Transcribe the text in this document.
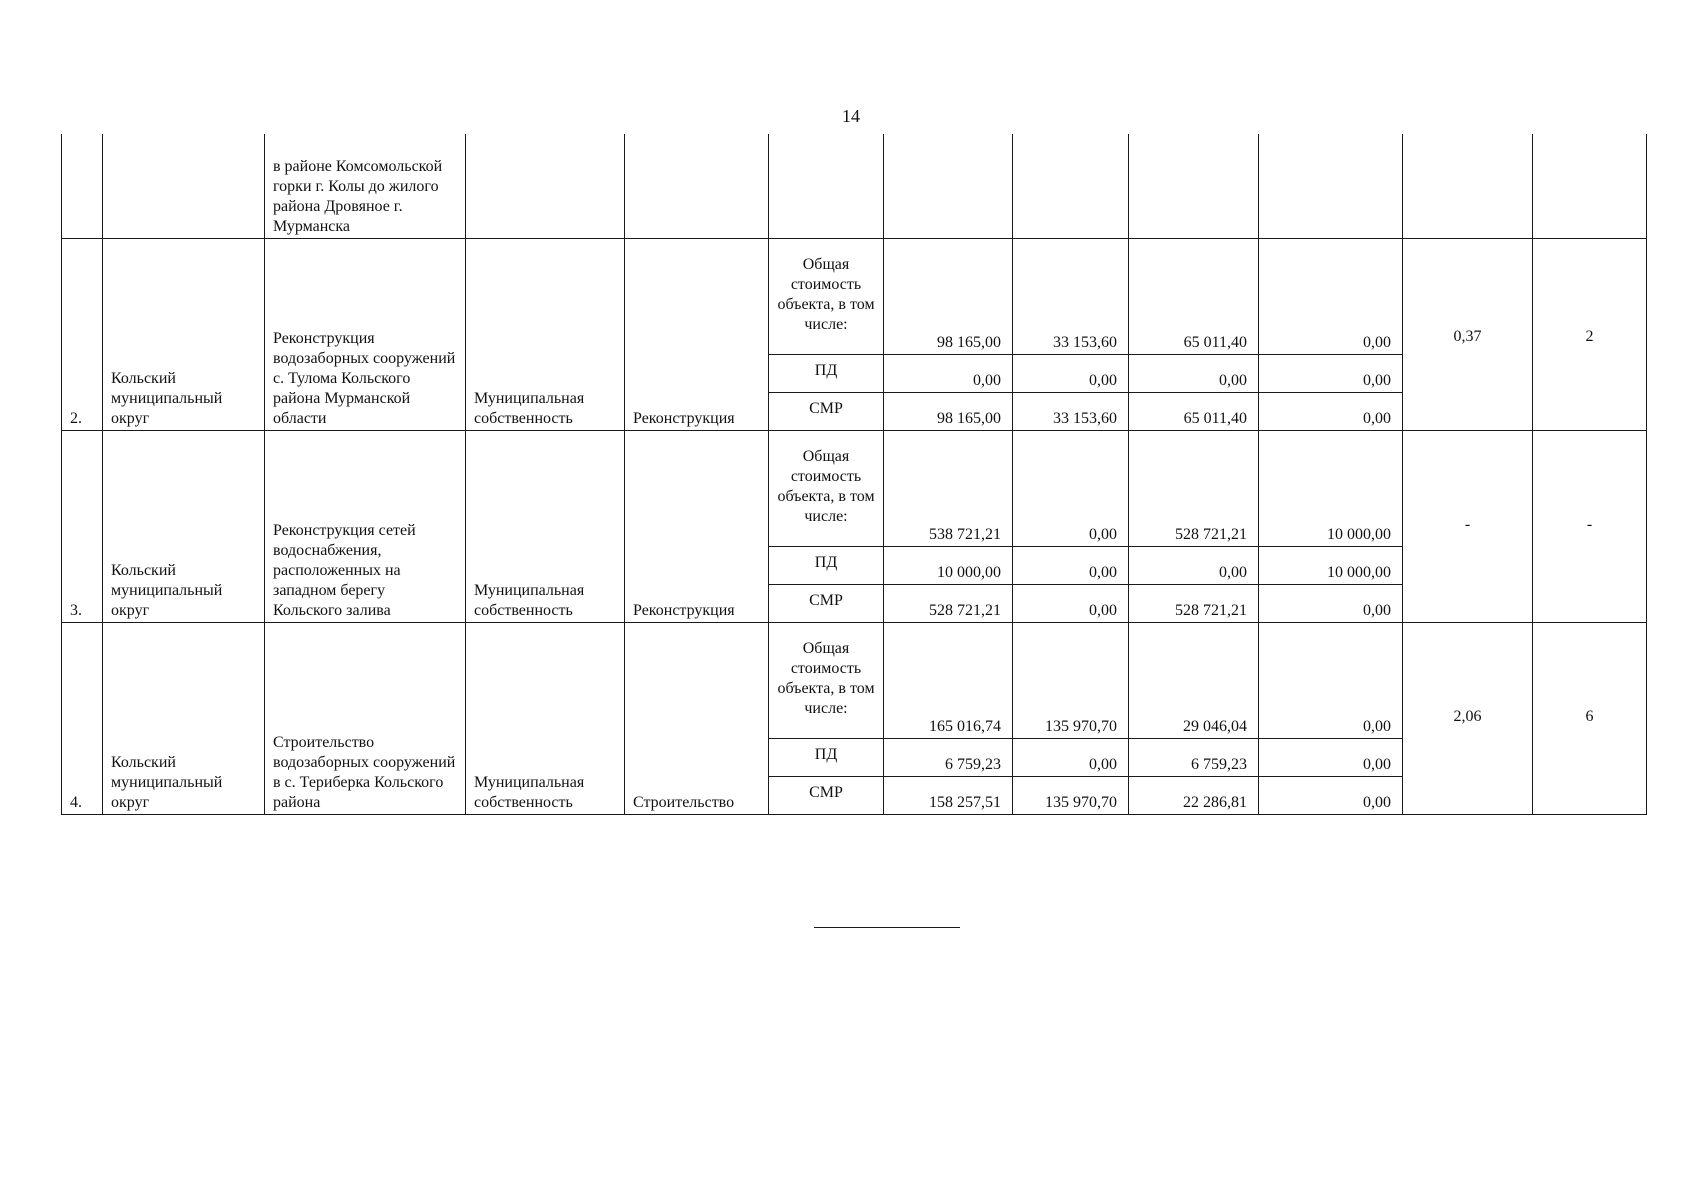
14
		в районе Комсомольской горки г. Колы до жилого района Дровяное г. Мурманска									
2.	Кольский муниципальный округ	Реконструкция водозаборных сооружений с. Тулома Кольского района Мурманской области	Муниципальная собственность	Реконструкция	Общая стоимость объекта, в том числе:	98 165,00	33 153,60	65 011,40	0,00	0,37	2
					ПД	0,00	0,00	0,00	0,00		
					СМР	98 165,00	33 153,60	65 011,40	0,00		
3.	Кольский муниципальный округ	Реконструкция сетей водоснабжения, расположенных на западном берегу Кольского залива	Муниципальная собственность	Реконструкция	Общая стоимость объекта, в том числе:	538 721,21	0,00	528 721,21	10 000,00	-	-
					ПД	10 000,00	0,00	0,00	10 000,00		
					СМР	528 721,21	0,00	528 721,21	0,00		
4.	Кольский муниципальный округ	Строительство водозаборных сооружений в с. Териберка Кольского района	Муниципальная собственность	Строительство	Общая стоимость объекта, в том числе:	165 016,74	135 970,70	29 046,04	0,00	2,06	6
					ПД	6 759,23	0,00	6 759,23	0,00		
					СМР	158 257,51	135 970,70	22 286,81	0,00		
